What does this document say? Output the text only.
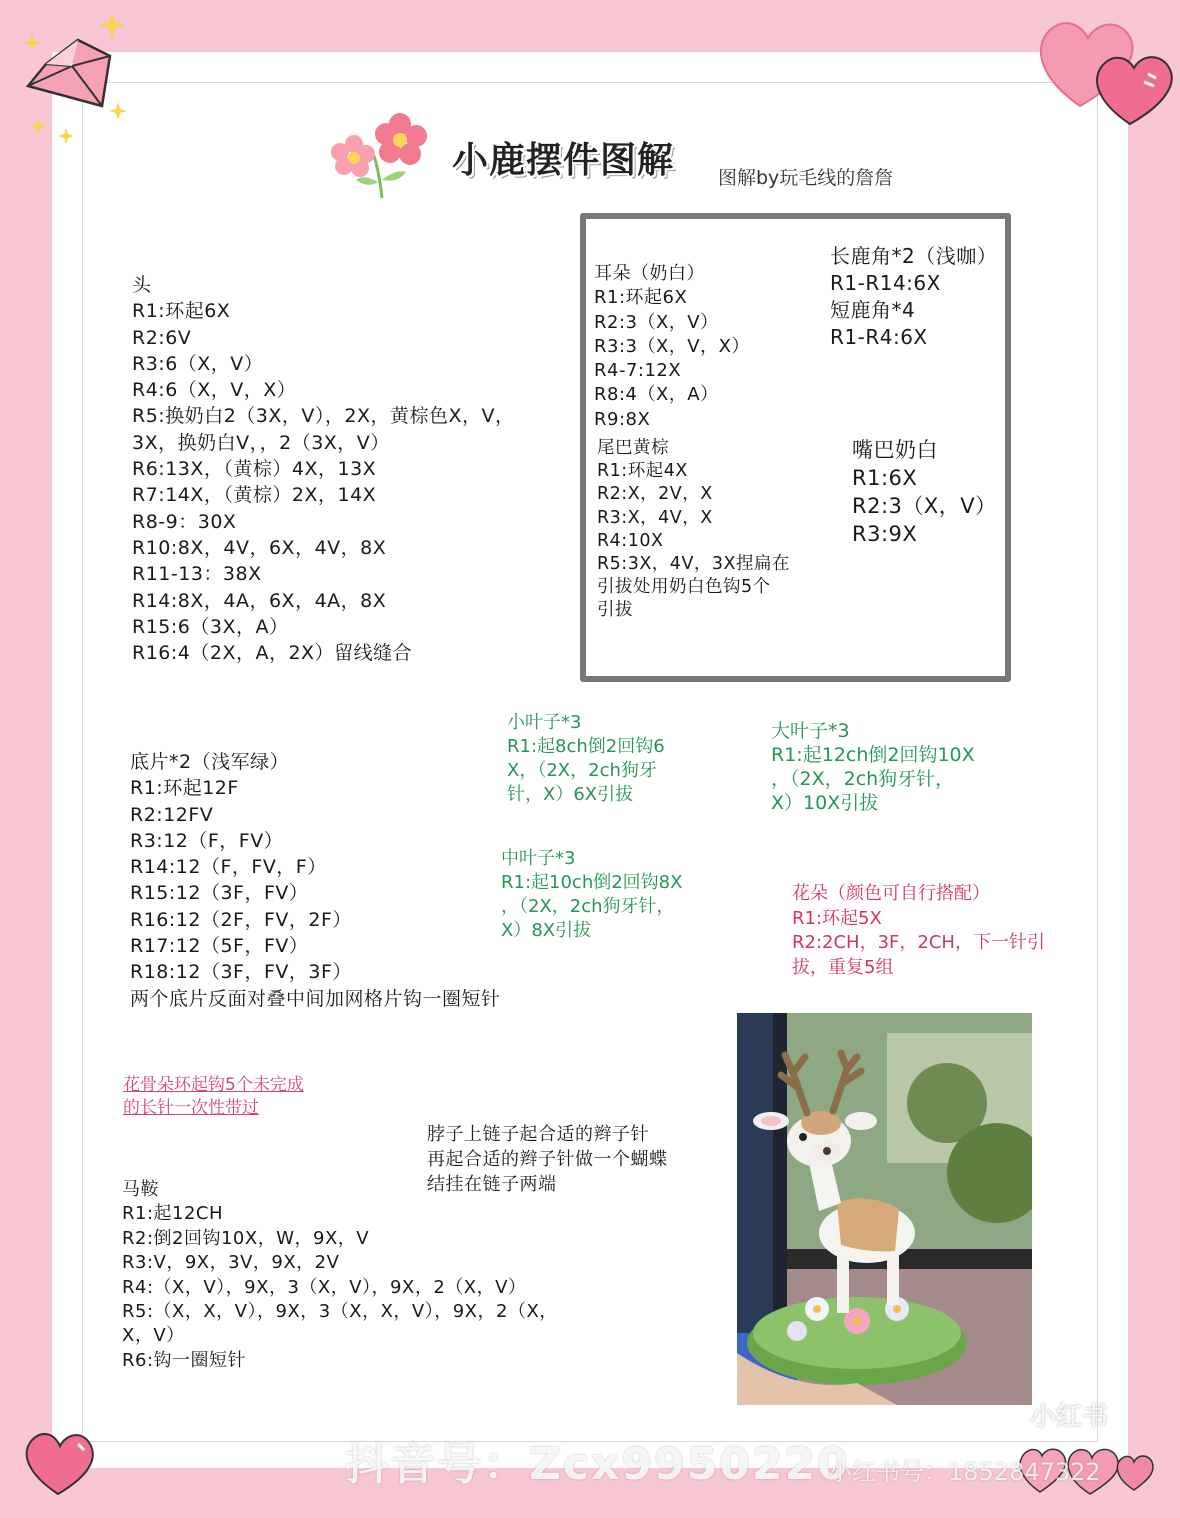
小鹿摆件图解 图解by玩毛线的詹詹
头
R1:环起6X
R2:6V
R3:6（X，V）
R4:6（X，V，X）
R5:换奶白2（3X，V），2X，黄棕色X，V，
3X，换奶白V，，2（3X，V）
R6:13X，（黄棕）4X，13X
R7:14X，（黄棕）2X，14X
R8-9：30X
R10:8X，4V，6X，4V，8X
R11-13：38X
R14:8X，4A，6X，4A，8X
R15:6（3X，A）
R16:4（2X，A，2X）留线缝合
耳朵（奶白）
R1:环起6X
R2:3（X，V）
R3:3（X，V，X）
R4-7:12X
R8:4（X，A）
R9:8X
长鹿角*2（浅咖）
R1-R14:6X
短鹿角*4
R1-R4:6X
尾巴黄棕
R1:环起4X
R2:X，2V，X
R3:X，4V，X
R4:10X
R5:3X，4V，3X捏扁在
引拔处用奶白色钩5个
引拔
嘴巴奶白
R1:6X
R2:3（X，V）
R3:9X
底片*2（浅军绿）
R1:环起12F
R2:12FV
R3:12（F，FV）
R14:12（F，FV，F）
R15:12（3F，FV）
R16:12（2F，FV，2F）
R17:12（5F，FV）
R18:12（3F，FV，3F）
两个底片反面对叠中间加网格片钩一圈短针
小叶子*3
R1:起8ch倒2回钩6
X，（2X，2ch狗牙
针，X）6X引拔
大叶子*3
R1:起12ch倒2回钩10X
，（2X，2ch狗牙针，
X）10X引拔
中叶子*3
R1:起10ch倒2回钩8X
，（2X，2ch狗牙针，
X）8X引拔
花朵（颜色可自行搭配）
R1:环起5X
R2:2CH，3F，2CH，下一针引
拔，重复5组
花骨朵环起钩5个未完成
的长针一次性带过
脖子上链子起合适的辫子针
再起合适的辫子针做一个蝴蝶
结挂在链子两端
马鞍
R1:起12CH
R2:倒2回钩10X，W，9X，V
R3:V，9X，3V，9X，2V
R4:（X，V），9X，3（X，V），9X，2（X，V）
R5:（X，X，V），9X，3（X，X，V），9X，2（X，
X，V）
R6:钩一圈短针
抖音号：Zcx9950220
小红书号：1852847322
小红书
